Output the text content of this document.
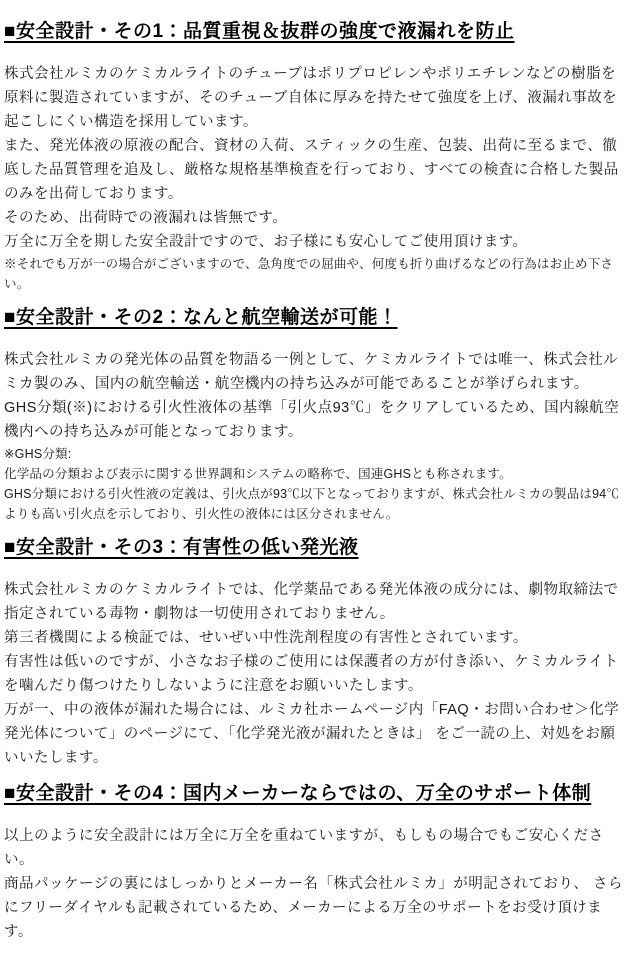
■安全設計・その1：品質重視＆抜群の強度で液漏れを防止

株式会社ルミカのケミカルライトのチューブはポリプロピレンやポリエチレンなどの樹脂を原料に製造されていますが、そのチューブ自体に厚みを持たせて強度を上げ、液漏れ事故を起こしにくい構造を採用しています。

また、発光体液の原液の配合、資材の入荷、スティックの生産、包装、出荷に至るまで、徹底した品質管理を追及し、厳格な規格基準検査を行っており、すべての検査に合格した製品のみを出荷しております。

そのため、出荷時での液漏れは皆無です。

万全に万全を期した安全設計ですので、お子様にも安心してご使用頂けます。

※それでも万が一の場合がございますので、急角度での屈曲や、何度も折り曲げるなどの行為はお止め下さい。

■安全設計・その2：なんと航空輸送が可能！

株式会社ルミカの発光体の品質を物語る一例として、ケミカルライトでは唯一、株式会社ルミカ製のみ、国内の航空輸送・航空機内の持ち込みが可能であることが挙げられます。

GHS分類(※)における引火性液体の基準「引火点93℃」をクリアしているため、国内線航空機内への持ち込みが可能となっております。

※GHS分類:

化学品の分類および表示に関する世界調和システムの略称で、国連GHSとも称されます。

GHS分類における引火性液の定義は、引火点が93℃以下となっておりますが、株式会社ルミカの製品は94℃よりも高い引火点を示しており、引火性の液体には区分されません。

■安全設計・その3：有害性の低い発光液

株式会社ルミカのケミカルライトでは、化学薬品である発光体液の成分には、劇物取締法で指定されている毒物・劇物は一切使用されておりません。

第三者機関による検証では、せいぜい中性洗剤程度の有害性とされています。

有害性は低いのですが、小さなお子様のご使用には保護者の方が付き添い、ケミカルライトを噛んだり傷つけたりしないように注意をお願いいたします。

万が一、中の液体が漏れた場合には、ルミカ社ホームページ内「FAQ・お問い合わせ＞化学発光体について」のページにて、「化学発光液が漏れたときは」 をご一読の上、対処をお願いいたします。

■安全設計・その4：国内メーカーならではの、万全のサポート体制

以上のように安全設計には万全に万全を重ねていますが、もしもの場合でもご安心ください。

商品パッケージの裏にはしっかりとメーカー名「株式会社ルミカ」が明記されており、 さらにフリーダイヤルも記載されているため、メーカーによる万全のサポートをお受け頂けます。
